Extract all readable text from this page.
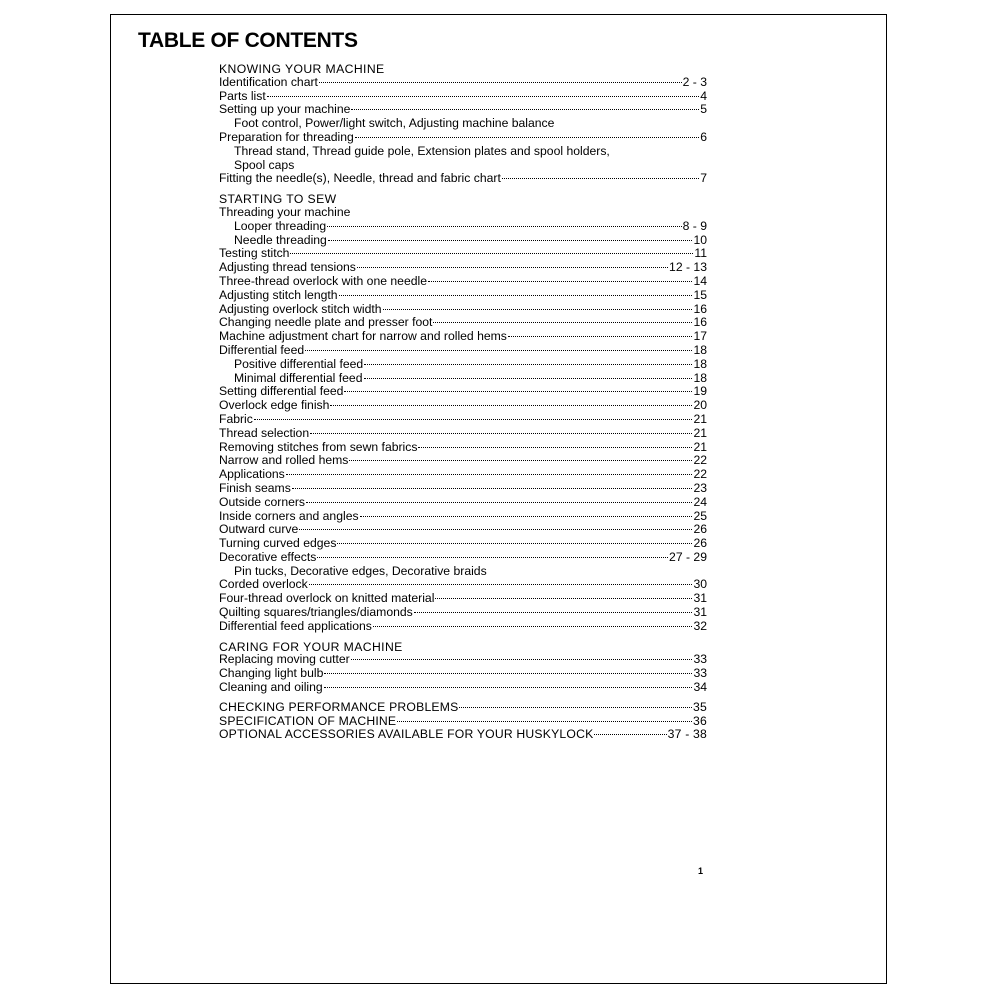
TABLE OF CONTENTS
KNOWING YOUR MACHINE
Identification chart	2 - 3
Parts list	4
Setting up your machine	5
Foot control, Power/light switch, Adjusting machine balance
Preparation for threading	6
Thread stand, Thread guide pole, Extension plates and spool holders,
Spool caps
Fitting the needle(s), Needle, thread and fabric chart	7
STARTING TO SEW
Threading your machine
Looper threading	8 - 9
Needle threading	10
Testing stitch	11
Adjusting thread tensions	12 - 13
Three-thread overlock with one needle	14
Adjusting stitch length	15
Adjusting overlock stitch width	16
Changing needle plate and presser foot	16
Machine adjustment chart for narrow and rolled hems	17
Differential feed	18
Positive differential feed	18
Minimal differential feed	18
Setting differential feed	19
Overlock edge finish	20
Fabric	21
Thread selection	21
Removing stitches from sewn fabrics	21
Narrow and rolled hems	22
Applications	22
Finish seams	23
Outside corners	24
Inside corners and angles	25
Outward curve	26
Turning curved edges	26
Decorative effects	27 - 29
Pin tucks, Decorative edges, Decorative braids
Corded overlock	30
Four-thread overlock on knitted material	31
Quilting squares/triangles/diamonds	31
Differential feed applications	32
CARING FOR YOUR MACHINE
Replacing moving cutter	33
Changing light bulb	33
Cleaning and oiling	34
CHECKING PERFORMANCE PROBLEMS	35
SPECIFICATION OF MACHINE	36
OPTIONAL ACCESSORIES AVAILABLE FOR YOUR HUSKYLOCK	37 - 38
1
